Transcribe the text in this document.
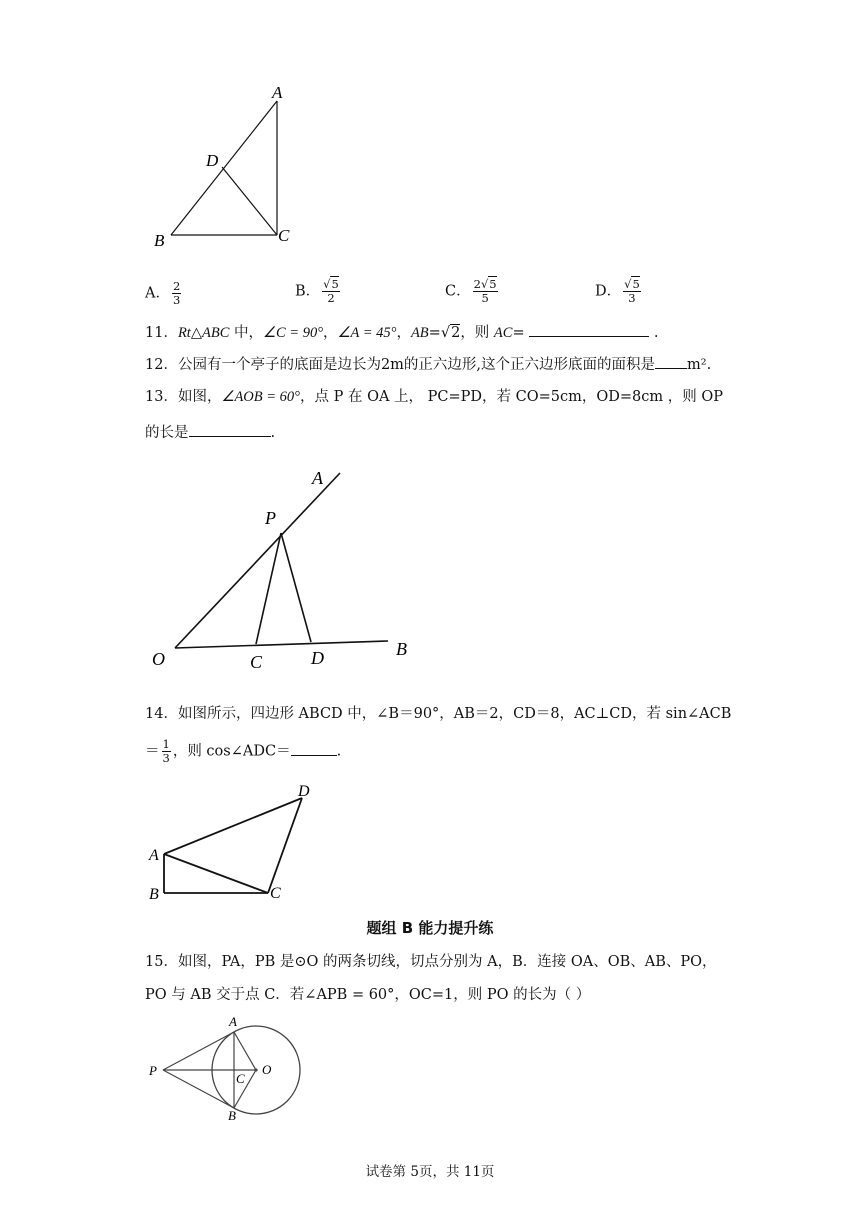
A
D
B	C
A． $\frac{2}{3}$	B． $\frac{√5}{2}$	C． $\frac{2√5}{5}$	D． $\frac{√5}{3}$
11．Rt△ABC 中，∠C = 90°，∠A = 45°，AB=√2，则 AC=	.
12．公园有一个亭子的底面是边长为2m的正六边形,这个正六边形底面的面积是 m².
13．如图，∠AOB = 60°，点 P 在 OA 上， PC=PD，若 CO=5cm，OD=8cm ，则 OP
的长是	.
A
P
O	C	D	B
14．如图所示，四边形 ABCD 中，∠B＝90°，AB＝2，CD＝8，AC⊥CD，若 sin∠ACB
＝ $\frac{1}{3}$ ，则 cos∠ADC＝	.
D
A
B	C
题组 B 能力提升练
15．如图，PA，PB 是⊙O 的两条切线，切点分别为 A，B．连接 OA、OB、AB、PO，
PO 与 AB 交于点 C．若∠APB = 60°，OC=1，则 PO 的长为（ ）
A
P
C
O
B
试卷第 5页，共 11页
